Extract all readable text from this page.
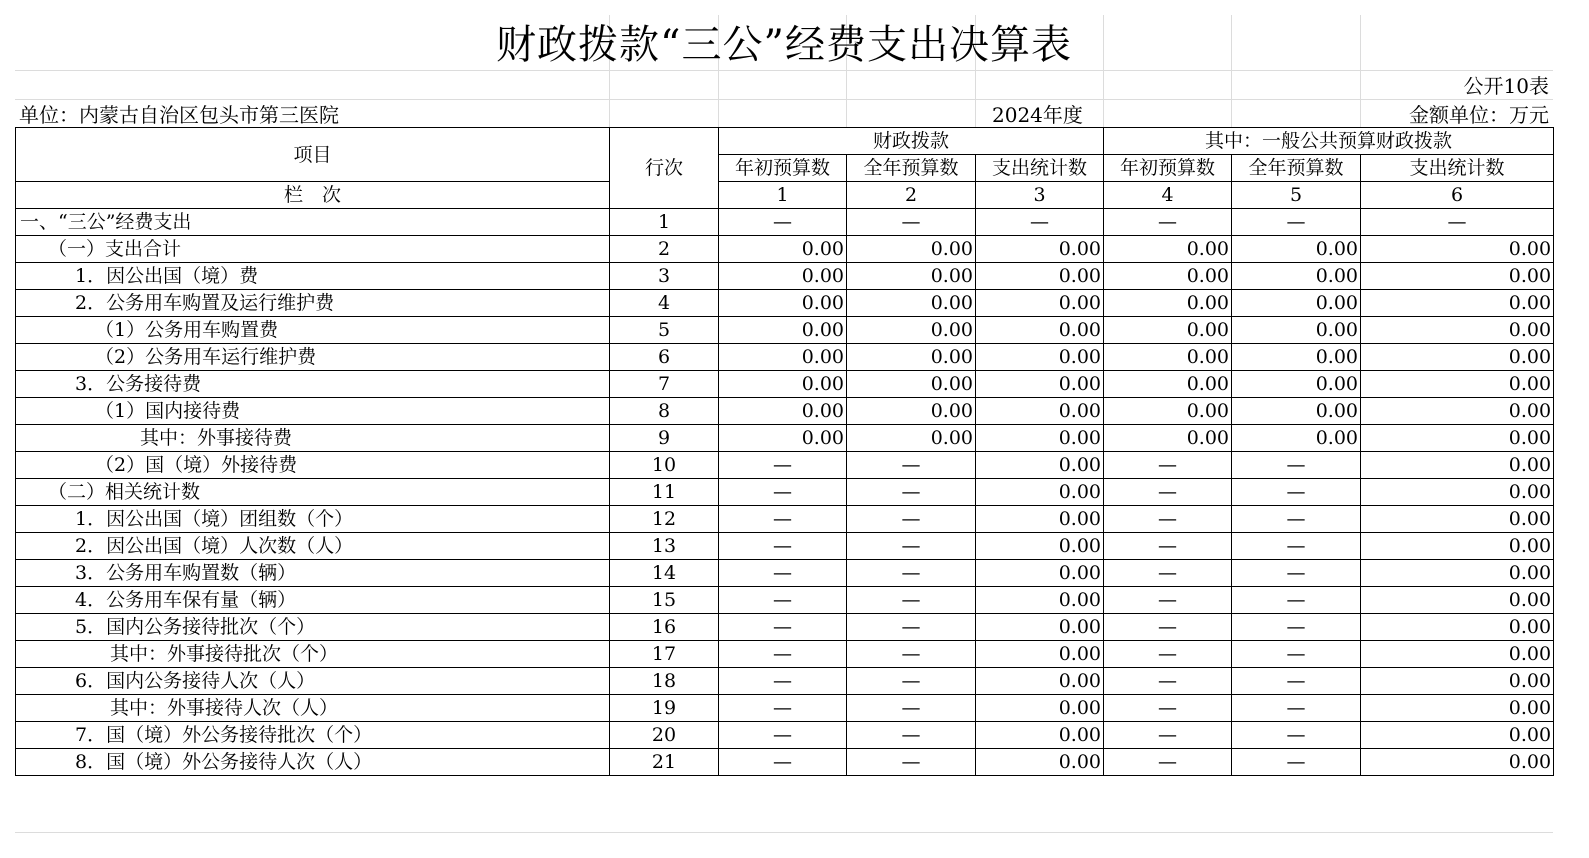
财政拨款“三公”经费支出决算表
公开10表
单位：内蒙古自治区包头市第三医院	2024年度	金额单位：万元
项目	行次	财政拨款			其中：一般公共预算财政拨款		
		年初预算数	全年预算数	支出统计数	年初预算数	全年预算数	支出统计数
栏　次		1	2	3	4	5	6
一、“三公”经费支出	1	—	—	—	—	—	—
（一）支出合计	2	0.00	0.00	0.00	0.00	0.00	0.00
1．因公出国（境）费	3	0.00	0.00	0.00	0.00	0.00	0.00
2．公务用车购置及运行维护费	4	0.00	0.00	0.00	0.00	0.00	0.00
（1）公务用车购置费	5	0.00	0.00	0.00	0.00	0.00	0.00
（2）公务用车运行维护费	6	0.00	0.00	0.00	0.00	0.00	0.00
3．公务接待费	7	0.00	0.00	0.00	0.00	0.00	0.00
（1）国内接待费	8	0.00	0.00	0.00	0.00	0.00	0.00
其中：外事接待费	9	0.00	0.00	0.00	0.00	0.00	0.00
（2）国（境）外接待费	10	—	—	0.00	—	—	0.00
（二）相关统计数	11	—	—	0.00	—	—	0.00
1．因公出国（境）团组数（个）	12	—	—	0.00	—	—	0.00
2．因公出国（境）人次数（人）	13	—	—	0.00	—	—	0.00
3．公务用车购置数（辆）	14	—	—	0.00	—	—	0.00
4．公务用车保有量（辆）	15	—	—	0.00	—	—	0.00
5．国内公务接待批次（个）	16	—	—	0.00	—	—	0.00
其中：外事接待批次（个）	17	—	—	0.00	—	—	0.00
6．国内公务接待人次（人）	18	—	—	0.00	—	—	0.00
其中：外事接待人次（人）	19	—	—	0.00	—	—	0.00
7．国（境）外公务接待批次（个）	20	—	—	0.00	—	—	0.00
8．国（境）外公务接待人次（人）	21	—	—	0.00	—	—	0.00
